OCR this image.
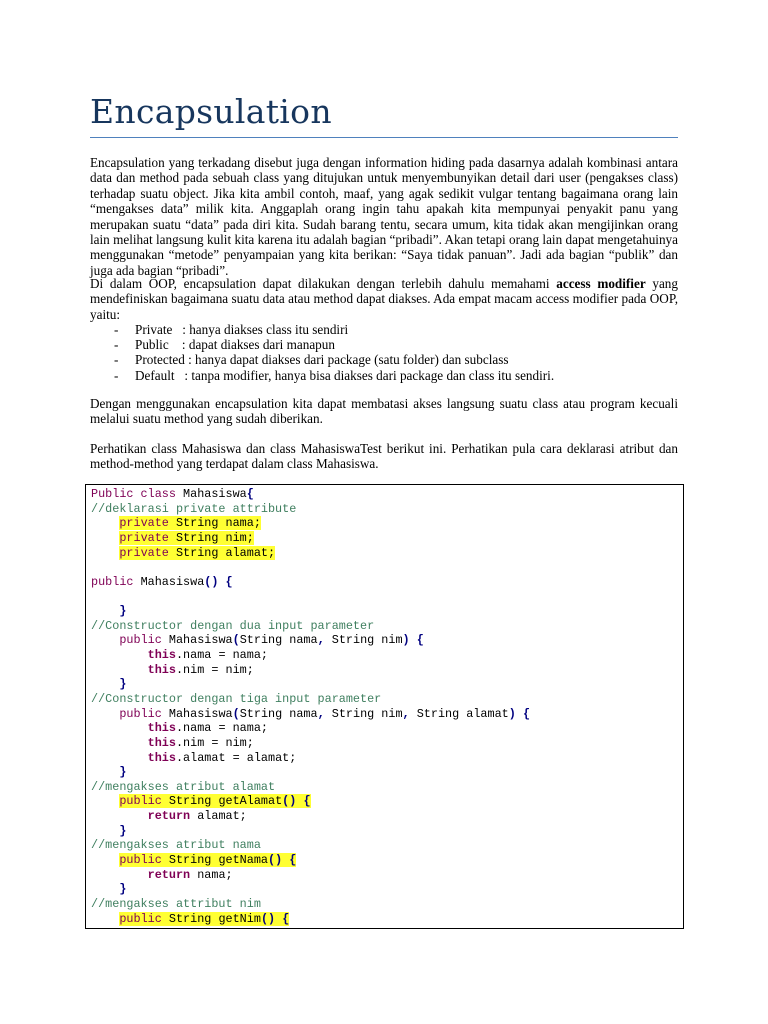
Encapsulation
Encapsulation yang terkadang disebut juga dengan information hiding pada dasarnya adalah kombinasi antara data dan method pada sebuah class yang ditujukan untuk menyembunyikan detail dari user (pengakses class) terhadap suatu object. Jika kita ambil contoh, maaf, yang agak sedikit vulgar tentang bagaimana orang lain “mengakses data” milik kita. Anggaplah orang ingin tahu apakah kita mempunyai penyakit panu yang merupakan suatu “data” pada diri kita. Sudah barang tentu, secara umum, kita tidak akan mengijinkan orang lain melihat langsung kulit kita karena itu adalah bagian “pribadi”. Akan tetapi orang lain dapat mengetahuinya menggunakan “metode” penyampaian yang kita berikan: “Saya tidak panuan”. Jadi ada bagian “publik” dan juga ada bagian “pribadi”.
Di dalam OOP, encapsulation dapat dilakukan dengan terlebih dahulu memahami access modifier yang mendefiniskan bagaimana suatu data atau method dapat diakses. Ada empat macam access modifier pada OOP, yaitu:
- Private   : hanya diakses class itu sendiri
- Public    : dapat diakses dari manapun
- Protected : hanya dapat diakses dari package (satu folder) dan subclass
- Default   : tanpa modifier, hanya bisa diakses dari package dan class itu sendiri.
Dengan menggunakan encapsulation kita dapat membatasi akses langsung suatu class atau program kecuali melalui suatu method yang sudah diberikan.
Perhatikan class Mahasiswa dan class MahasiswaTest berikut ini. Perhatikan pula cara deklarasi atribut dan method-method yang terdapat dalam class Mahasiswa.
Public class Mahasiswa{
//deklarasi private attribute
private String nama;
private String nim;
private String alamat;
public Mahasiswa() {
}
//Constructor dengan dua input parameter
public Mahasiswa(String nama, String nim) {
this.nama = nama;
this.nim = nim;
}
//Constructor dengan tiga input parameter
public Mahasiswa(String nama, String nim, String alamat) {
this.nama = nama;
this.nim = nim;
this.alamat = alamat;
}
//mengakses atribut alamat
public String getAlamat() {
return alamat;
}
//mengakses atribut nama
public String getNama() {
return nama;
}
//mengakses attribut nim
public String getNim() {
